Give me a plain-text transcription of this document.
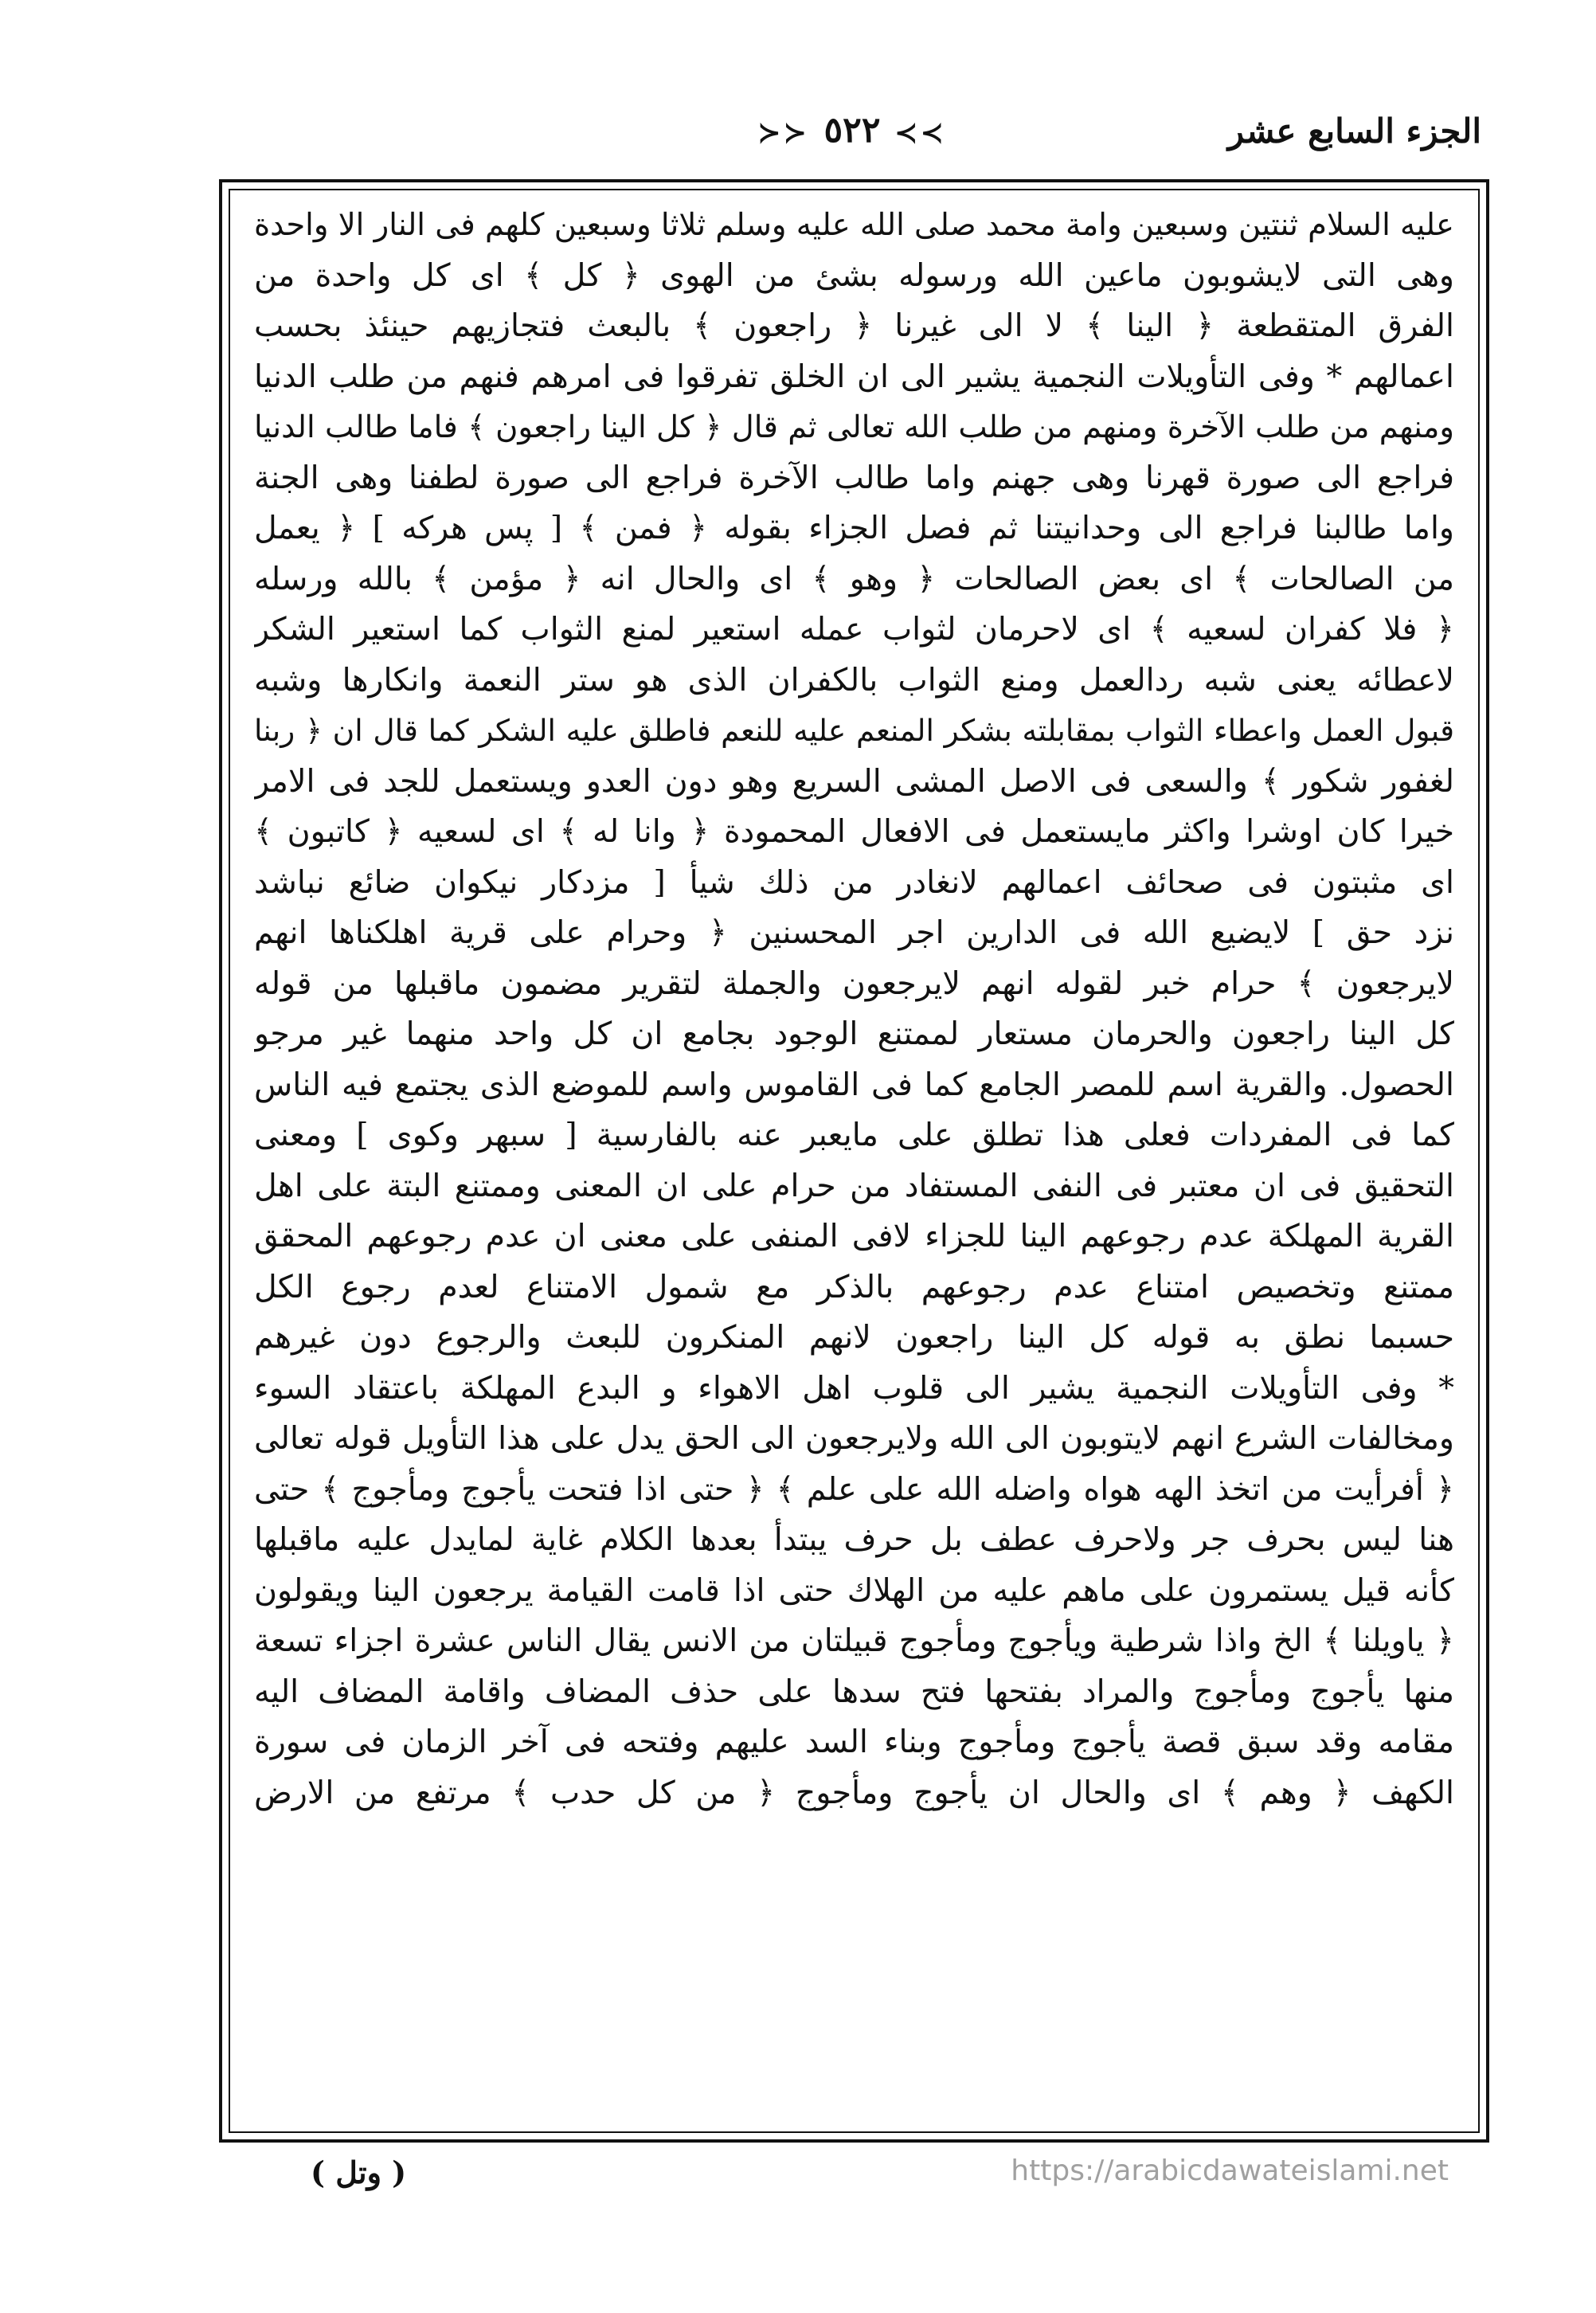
≻≻ ٥٢٢ ≺≺	الجزء السابع عشر
عليه السلام ثنتين وسبعين وامة محمد صلى الله عليه وسلم ثلاثا وسبعين كلهم فى النار الا واحدة
وهى التى لايشوبون ماعين الله ورسوله بشئ من الهوى ﴿ كل ﴾ اى كل واحدة من
الفرق المتقطعة ﴿ الينا ﴾ لا الى غيرنا ﴿ راجعون ﴾ بالبعث فتجازيهم حينئذ بحسب
اعمالهم * وفى التأويلات النجمية يشير الى ان الخلق تفرقوا فى امرهم فنهم من طلب الدنيا
ومنهم من طلب الآخرة ومنهم من طلب الله تعالى ثم قال ﴿ كل الينا راجعون ﴾ فاما طالب الدنيا
فراجع الى صورة قهرنا وهى جهنم واما طالب الآخرة فراجع الى صورة لطفنا وهى الجنة
واما طالبنا فراجع الى وحدانيتنا ثم فصل الجزاء بقوله ﴿ فمن ﴾ [ پس هركه ] ﴿ يعمل
من الصالحات ﴾ اى بعض الصالحات ﴿ وهو ﴾ اى والحال انه ﴿ مؤمن ﴾ بالله ورسله
﴿ فلا كفران لسعيه ﴾ اى لاحرمان لثواب عمله استعير لمنع الثواب كما استعير الشكر
لاعطائه يعنى شبه ردالعمل ومنع الثواب بالكفران الذى هو ستر النعمة وانكارها وشبه
قبول العمل واعطاء الثواب بمقابلته بشكر المنعم عليه للنعم فاطلق عليه الشكر كما قال ان ﴿ ربنا
لغفور شكور ﴾ والسعى فى الاصل المشى السريع وهو دون العدو ويستعمل للجد فى الامر
خيرا كان اوشرا واكثر مايستعمل فى الافعال المحمودة ﴿ وانا له ﴾ اى لسعيه ﴿ كاتبون ﴾
اى مثبتون فى صحائف اعمالهم لانغادر من ذلك شيأ [ مزدكار نيكوان ضائع نباشد
نزد حق ] لايضيع الله فى الدارين اجر المحسنين ﴿ وحرام على قرية اهلكناها انهم
لايرجعون ﴾ حرام خبر لقوله انهم لايرجعون والجملة لتقرير مضمون ماقبلها من قوله
كل الينا راجعون والحرمان مستعار لممتنع الوجود بجامع ان كل واحد منهما غير مرجو
الحصول. والقرية اسم للمصر الجامع كما فى القاموس واسم للموضع الذى يجتمع فيه الناس
كما فى المفردات فعلى هذا تطلق على مايعبر عنه بالفارسية [ سبهر وكوى ] ومعنى
التحقيق فى ان معتبر فى النفى المستفاد من حرام على ان المعنى وممتنع البتة على اهل
القرية المهلكة عدم رجوعهم الينا للجزاء لافى المنفى على معنى ان عدم رجوعهم المحقق
ممتنع وتخصيص امتناع عدم رجوعهم بالذكر مع شمول الامتناع لعدم رجوع الكل
حسبما نطق به قوله كل الينا راجعون لانهم المنكرون للبعث والرجوع دون غيرهم
* وفى التأويلات النجمية يشير الى قلوب اهل الاهواء و البدع المهلكة باعتقاد السوء
ومخالفات الشرع انهم لايتوبون الى الله ولايرجعون الى الحق يدل على هذا التأويل قوله تعالى
﴿ أفرأيت من اتخذ الهه هواه واضله الله على علم ﴾ ﴿ حتى اذا فتحت يأجوج ومأجوج ﴾ حتى
هنا ليس بحرف جر ولاحرف عطف بل حرف يبتدأ بعدها الكلام غاية لمايدل عليه ماقبلها
كأنه قيل يستمرون على ماهم عليه من الهلاك حتى اذا قامت القيامة يرجعون الينا ويقولون
﴿ ياويلنا ﴾ الخ واذا شرطية ويأجوج ومأجوج قبيلتان من الانس يقال الناس عشرة اجزاء تسعة
منها يأجوج ومأجوج والمراد بفتحها فتح سدها على حذف المضاف واقامة المضاف اليه
مقامه وقد سبق قصة يأجوج ومأجوج وبناء السد عليهم وفتحه فى آخر الزمان فى سورة
الكهف ﴿ وهم ﴾ اى والحال ان يأجوج ومأجوج ﴿ من كل حدب ﴾ مرتفع من الارض
( وتل )	https://arabicdawateislami.net
